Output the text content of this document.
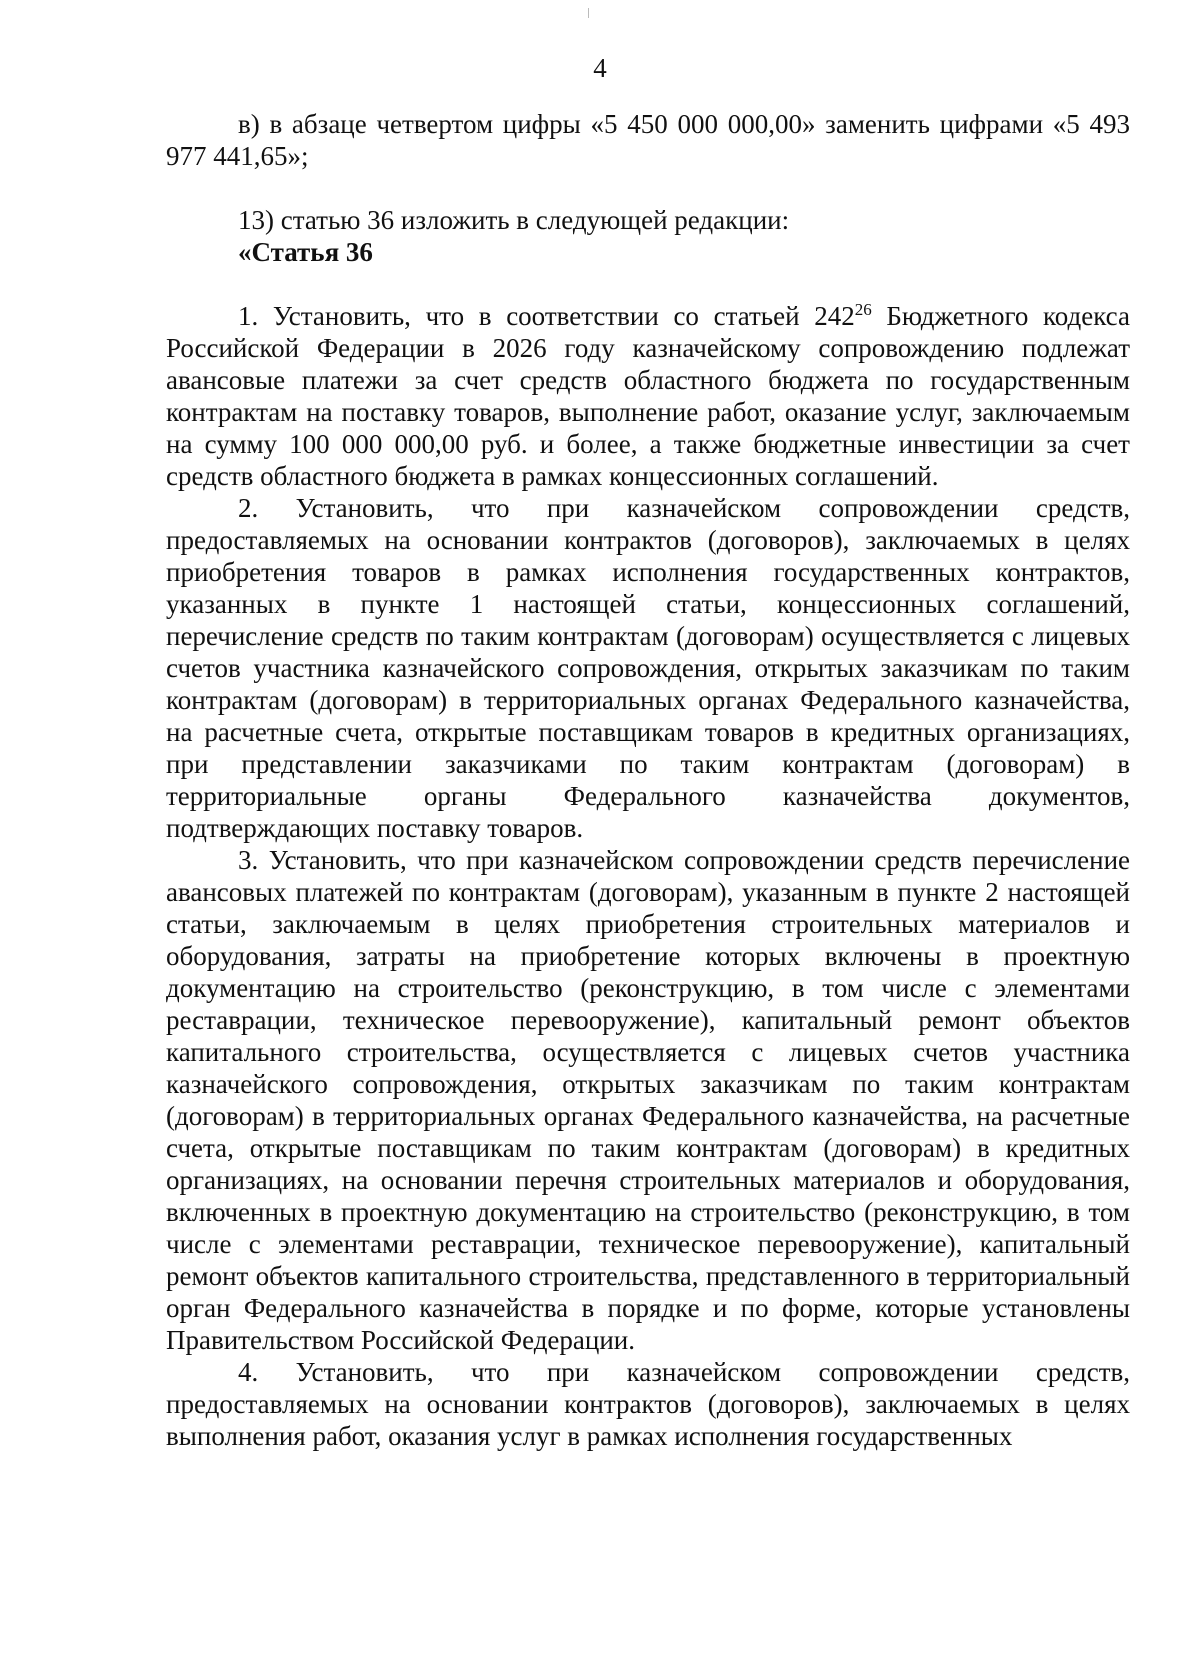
4

в) в абзаце четвертом цифры «5 450 000 000,00» заменить цифрами «5 493 977 441,65»;

13) статью 36 изложить в следующей редакции:

«Статья 36

1. Установить, что в соответствии со статьей $242^{26}$ Бюджетного кодекса Российской Федерации в 2026 году казначейскому сопровождению подлежат авансовые платежи за счет средств областного бюджета по государственным контрактам на поставку товаров, выполнение работ, оказание услуг, заключаемым на сумму 100 000 000,00 руб. и более, а также бюджетные инвестиции за счет средств областного бюджета в рамках концессионных соглашений.

2. Установить, что при казначейском сопровождении средств, предоставляемых на основании контрактов (договоров), заключаемых в целях приобретения товаров в рамках исполнения государственных контрактов, указанных в пункте 1 настоящей статьи, концессионных соглашений, перечисление средств по таким контрактам (договорам) осуществляется с лицевых счетов участника казначейского сопровождения, открытых заказчикам по таким контрактам (договорам) в территориальных органах Федерального казначейства, на расчетные счета, открытые поставщикам товаров в кредитных организациях, при представлении заказчиками по таким контрактам (договорам) в территориальные органы Федерального казначейства документов, подтверждающих поставку товаров.

3. Установить, что при казначейском сопровождении средств перечисление авансовых платежей по контрактам (договорам), указанным в пункте 2 настоящей статьи, заключаемым в целях приобретения строительных материалов и оборудования, затраты на приобретение которых включены в проектную документацию на строительство (реконструкцию, в том числе с элементами реставрации, техническое перевооружение), капитальный ремонт объектов капитального строительства, осуществляется с лицевых счетов участника казначейского сопровождения, открытых заказчикам по таким контрактам (договорам) в территориальных органах Федерального казначейства, на расчетные счета, открытые поставщикам по таким контрактам (договорам) в кредитных организациях, на основании перечня строительных материалов и оборудования, включенных в проектную документацию на строительство (реконструкцию, в том числе с элементами реставрации, техническое перевооружение), капитальный ремонт объектов капитального строительства, представленного в территориальный орган Федерального казначейства в порядке и по форме, которые установлены Правительством Российской Федерации.

4. Установить, что при казначейском сопровождении средств, предоставляемых на основании контрактов (договоров), заключаемых в целях выполнения работ, оказания услуг в рамках исполнения государственных
